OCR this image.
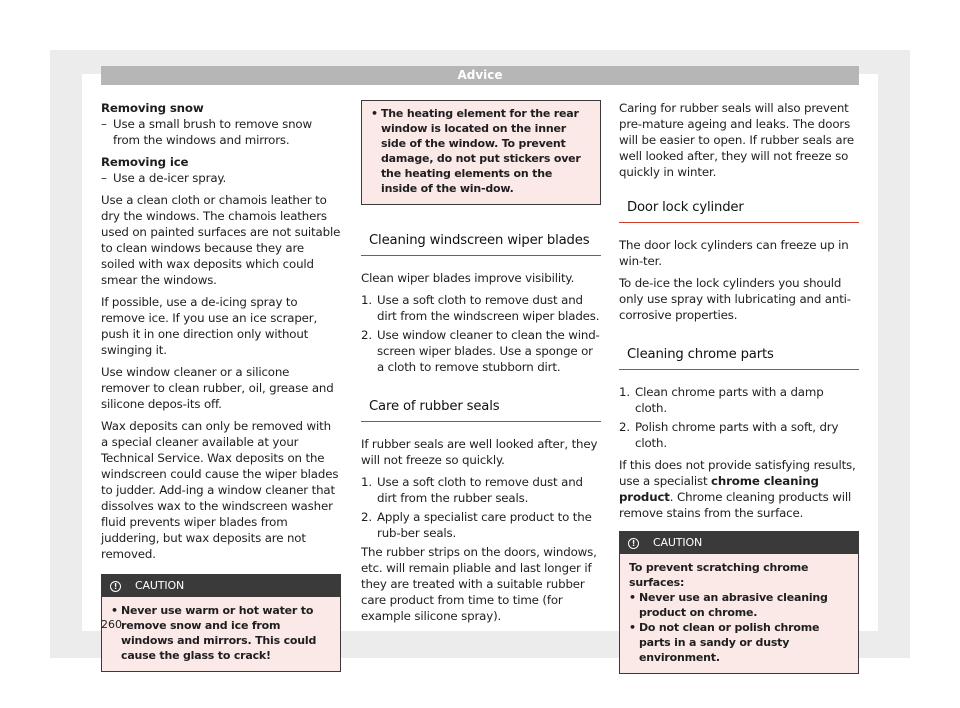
Advice
Removing snow
– Use a small brush to remove snow from the windows and mirrors.
Removing ice
– Use a de-icer spray.
Use a clean cloth or chamois leather to dry the windows. The chamois leathers used on painted surfaces are not suitable to clean windows because they are soiled with wax deposits which could smear the windows.
If possible, use a de-icing spray to remove ice. If you use an ice scraper, push it in one direction only without swinging it.
Use window cleaner or a silicone remover to clean rubber, oil, grease and silicone depos-its off.
Wax deposits can only be removed with a special cleaner available at your Technical Service. Wax deposits on the windscreen could cause the wiper blades to judder. Add-ing a window cleaner that dissolves wax to the windscreen washer fluid prevents wiper blades from juddering, but wax deposits are not removed.
!	CAUTION
• Never use warm or hot water to remove snow and ice from windows and mirrors. This could cause the glass to crack!
• The heating element for the rear window is located on the inner side of the window. To prevent damage, do not put stickers over the heating elements on the inside of the win-dow.
Cleaning windscreen wiper blades
Clean wiper blades improve visibility.
1. Use a soft cloth to remove dust and dirt from the windscreen wiper blades.
2. Use window cleaner to clean the wind-screen wiper blades. Use a sponge or a cloth to remove stubborn dirt.
Care of rubber seals
If rubber seals are well looked after, they will not freeze so quickly.
1. Use a soft cloth to remove dust and dirt from the rubber seals.
2. Apply a specialist care product to the rub-ber seals.
The rubber strips on the doors, windows, etc. will remain pliable and last longer if they are treated with a suitable rubber care product from time to time (for example silicone spray).
Caring for rubber seals will also prevent pre-mature ageing and leaks. The doors will be easier to open. If rubber seals are well looked after, they will not freeze so quickly in winter.
Door lock cylinder
The door lock cylinders can freeze up in win-ter.
To de-ice the lock cylinders you should only use spray with lubricating and anti-corrosive properties.
Cleaning chrome parts
1. Clean chrome parts with a damp cloth.
2. Polish chrome parts with a soft, dry cloth.
If this does not provide satisfying results, use a specialist chrome cleaning product. Chrome cleaning products will remove stains from the surface.
!	CAUTION
To prevent scratching chrome surfaces:
• Never use an abrasive cleaning product on chrome.
• Do not clean or polish chrome parts in a sandy or dusty environment.
260
